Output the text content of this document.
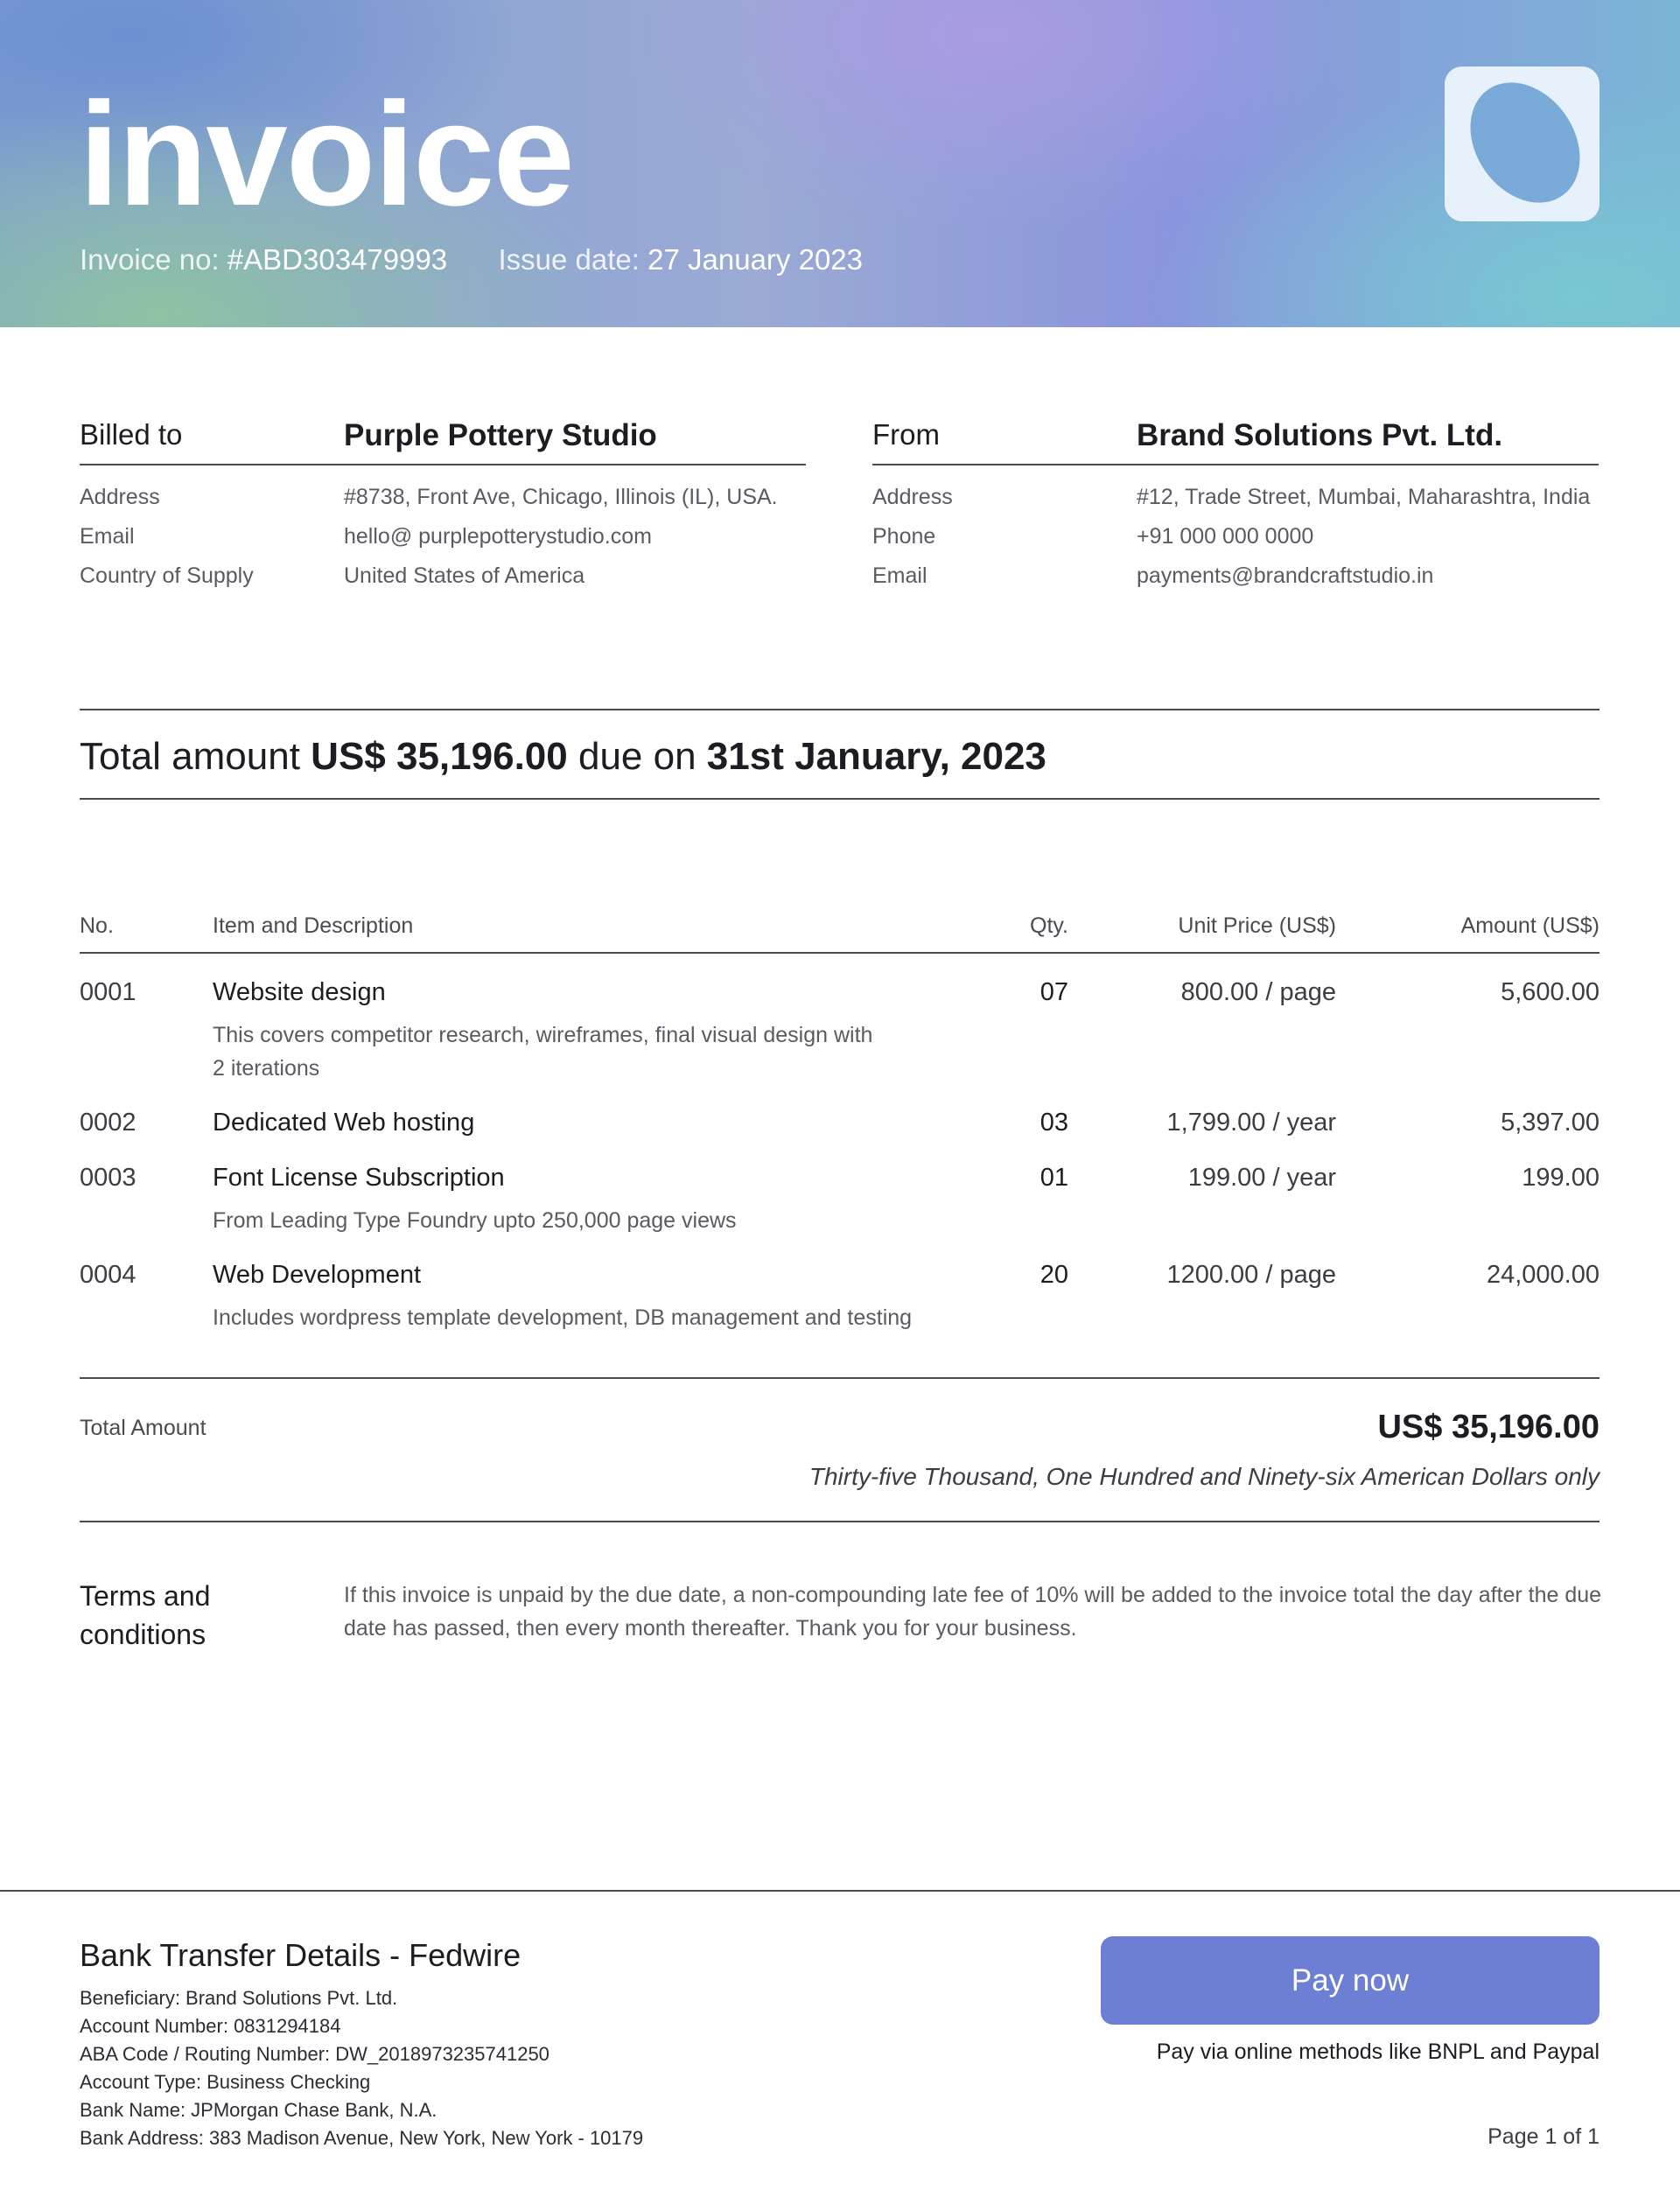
invoice
Invoice no: #ABD303479993 Issue date: 27 January 2023
Billed to	Purple Pottery Studio
Address	#8738, Front Ave, Chicago, Illinois (IL), USA.
Email	hello@ purplepotterystudio.com
Country of Supply	United States of America
From	Brand Solutions Pvt. Ltd.
Address	#12, Trade Street, Mumbai, Maharashtra, India
Phone	+91 000 000 0000
Email	payments@brandcraftstudio.in
Total amount US$ 35,196.00 due on 31st January, 2023
No.	Item and Description	Qty.	Unit Price (US$)	Amount (US$)
0001	Website design	07	800.00 / page	5,600.00
This covers competitor research, wireframes, final visual design with 2 iterations
0002	Dedicated Web hosting	03	1,799.00 / year	5,397.00
0003	Font License Subscription	01	199.00 / year	199.00
From Leading Type Foundry upto 250,000 page views
0004	Web Development	20	1200.00 / page	24,000.00
Includes wordpress template development, DB management and testing
Total Amount	US$ 35,196.00
Thirty-five Thousand, One Hundred and Ninety-six American Dollars only
Terms and conditions
If this invoice is unpaid by the due date, a non-compounding late fee of 10% will be added to the invoice total the day after the due date has passed, then every month thereafter. Thank you for your business.
Bank Transfer Details - Fedwire
Beneficiary: Brand Solutions Pvt. Ltd.
Account Number: 0831294184
ABA Code / Routing Number: DW_2018973235741250
Account Type: Business Checking
Bank Name: JPMorgan Chase Bank, N.A.
Bank Address: 383 Madison Avenue, New York, New York - 10179
Pay now
Pay via online methods like BNPL and Paypal
Page 1 of 1
